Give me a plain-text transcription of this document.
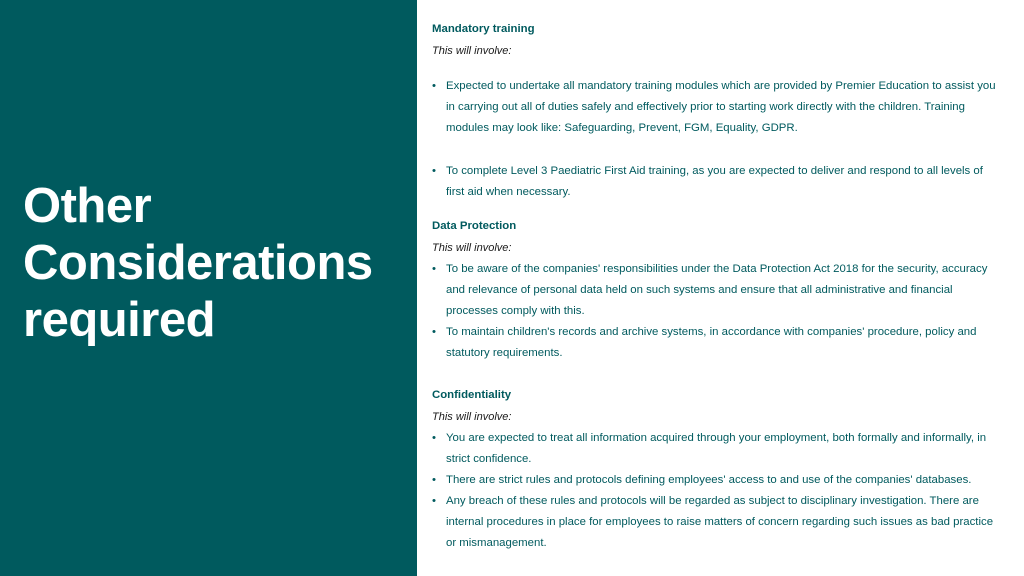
Other
Considerations
required
Mandatory training
This will involve:
• Expected to undertake all mandatory training modules which are provided by Premier Education to assist you in carrying out all of duties safely and effectively prior to starting work directly with the children. Training modules may look like: Safeguarding, Prevent, FGM, Equality, GDPR.
• To complete Level 3 Paediatric First Aid training, as you are expected to deliver and respond to all levels of first aid when necessary.
Data Protection
This will involve:
• To be aware of the companies' responsibilities under the Data Protection Act 2018 for the security, accuracy and relevance of personal data held on such systems and ensure that all administrative and financial processes comply with this.
• To maintain children's records and archive systems, in accordance with companies' procedure, policy and statutory requirements.
Confidentiality
This will involve:
• You are expected to treat all information acquired through your employment, both formally and informally, in strict confidence.
• There are strict rules and protocols defining employees' access to and use of the companies' databases.
• Any breach of these rules and protocols will be regarded as subject to disciplinary investigation. There are internal procedures in place for employees to raise matters of concern regarding such issues as bad practice or mismanagement.
